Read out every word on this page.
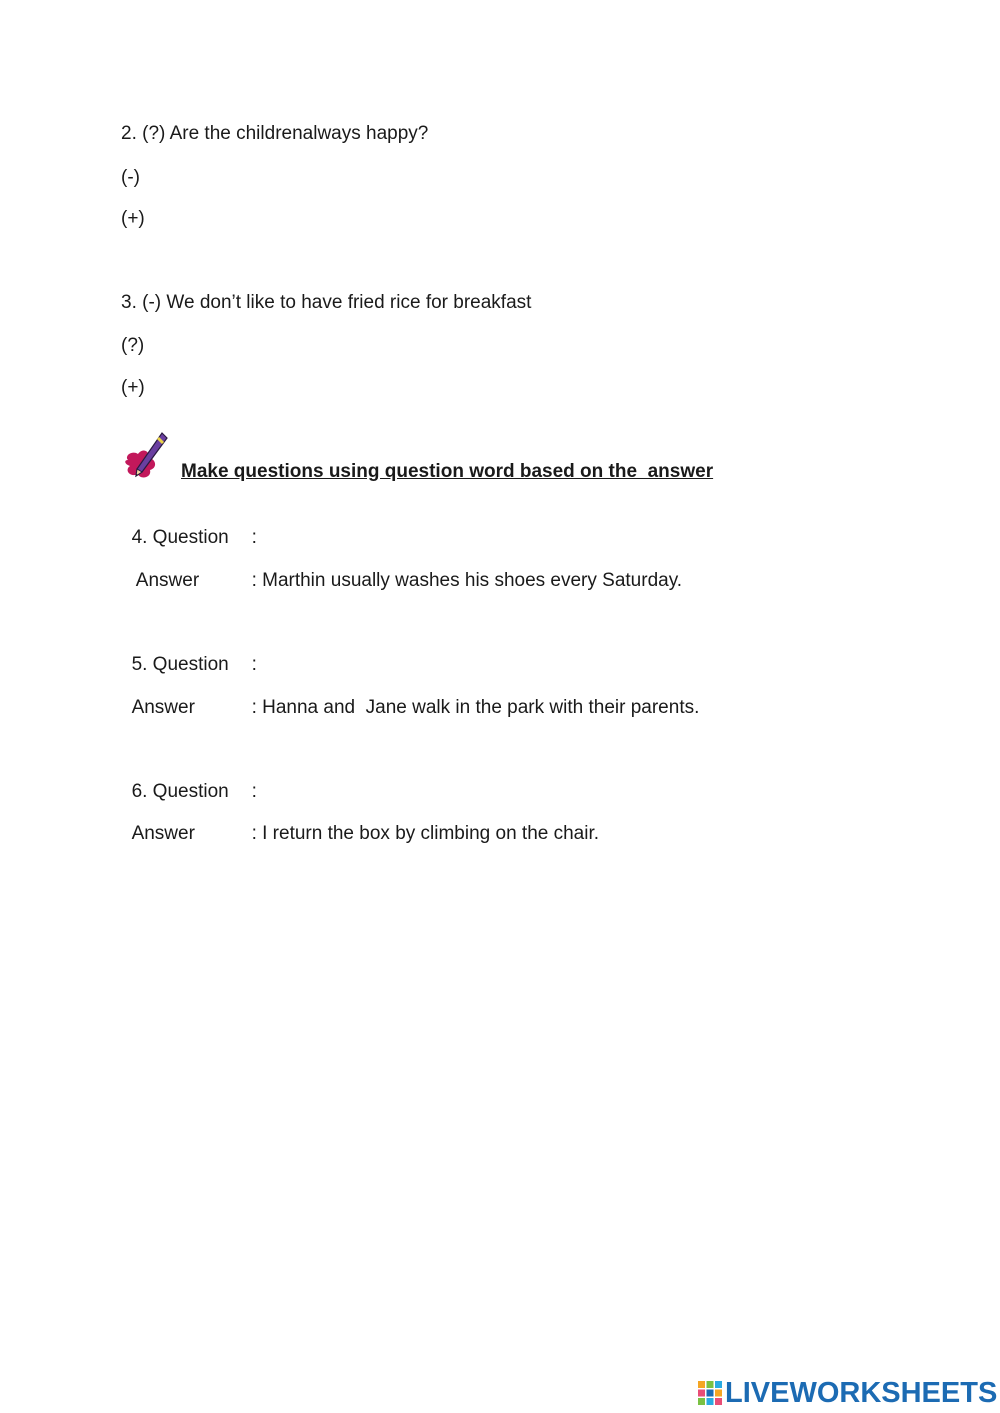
2. (?) Are the childrenalways happy?
(-)
(+)
3. (-) We don’t like to have fried rice for breakfast
(?)
(+)
Make questions using question word based on the  answer

4. Question :

Answer	: Marthin usually washes his shoes every Saturday.

5. Question :

Answer	: Hanna and  Jane walk in the park with their parents.

6. Question :

Answer	: I return the box by climbing on the chair.

LIVEWORKSHEETS
